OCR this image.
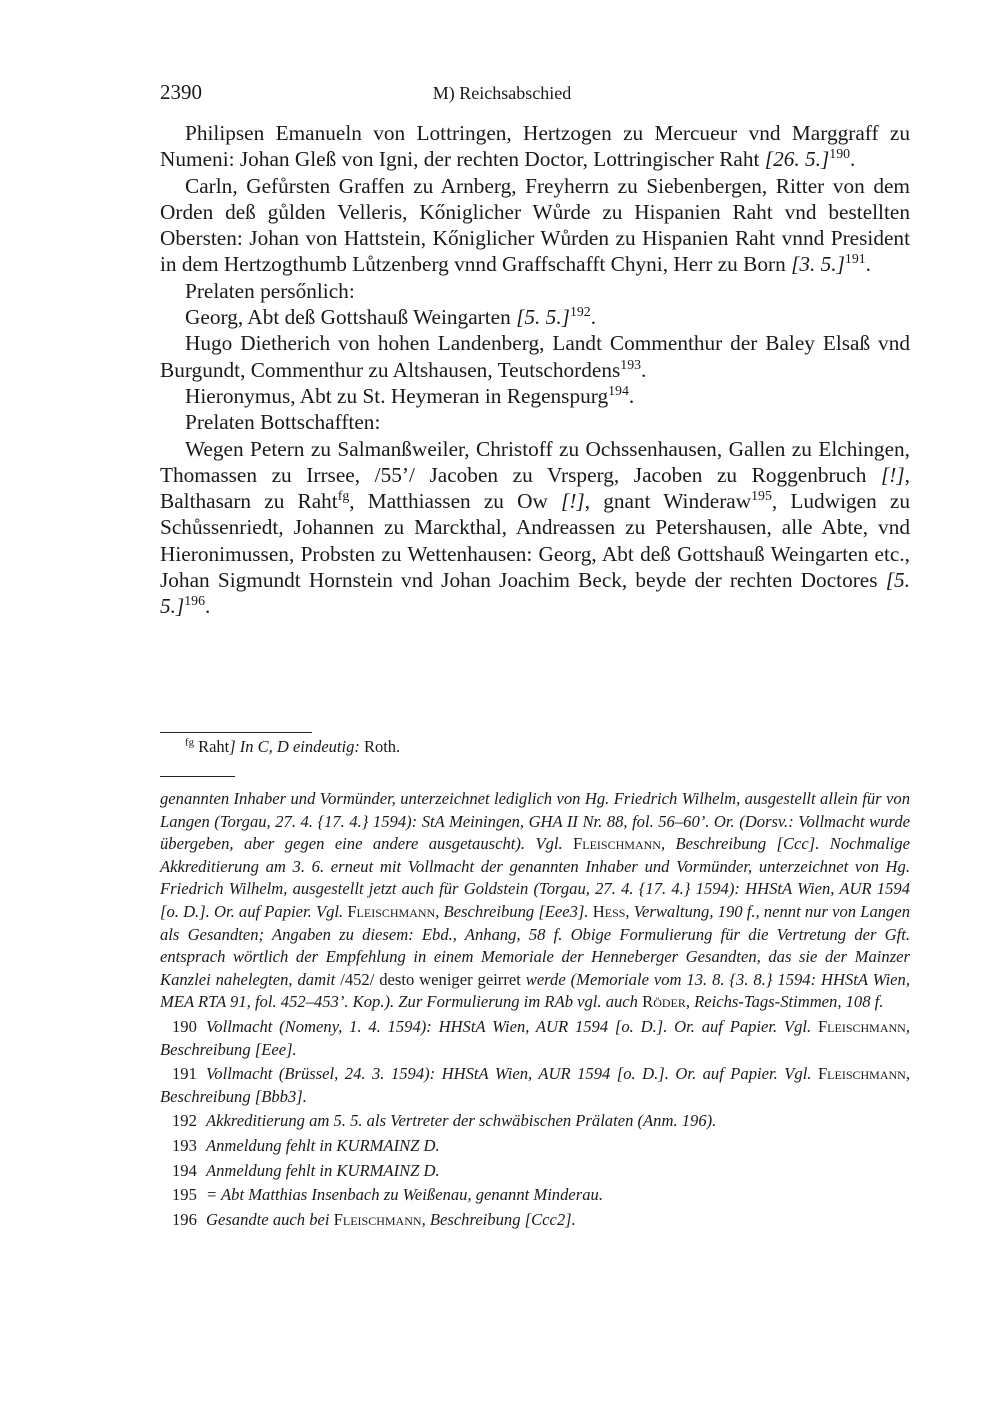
2390	M) Reichsabschied

Philipsen Emanueln von Lottringen, Hertzogen zu Mercueur vnd Marggraff zu Numeni: Johan Gleß von Igni, der rechten Doctor, Lottringischer Raht [26. 5.]$^{190}$.

Carln, Gefůrsten Graffen zu Arnberg, Freyherrn zu Siebenbergen, Ritter von dem Orden deß gůlden Velleris, Kőniglicher Wůrde zu Hispanien Raht vnd bestellten Obersten: Johan von Hattstein, Kőniglicher Wůrden zu Hispanien Raht vnnd President in dem Hertzogthumb Lůtzenberg vnnd Graffschafft Chyni, Herr zu Born [3. 5.]$^{191}$.

Prelaten persőnlich:

Georg, Abt deß Gottshauß Weingarten [5. 5.]$^{192}$.

Hugo Dietherich von hohen Landenberg, Landt Commenthur der Baley Elsaß vnd Burgundt, Commenthur zu Altshausen, Teutschordens$^{193}$.

Hieronymus, Abt zu St. Heymeran in Regenspurg$^{194}$.

Prelaten Bottschafften:

Wegen Petern zu Salmanßweiler, Christoff zu Ochssenhausen, Gallen zu Elchingen, Thomassen zu Irrsee, /55’/ Jacoben zu Vrsperg, Jacoben zu Roggenbruch [!], Balthasarn zu Raht$^{fg}$, Matthiassen zu Ow [!], gnant Winderaw$^{195}$, Ludwigen zu Schůssenriedt, Johannen zu Marckthal, Andreassen zu Petershausen, alle Abte, vnd Hieronimussen, Probsten zu Wettenhausen: Georg, Abt deß Gottshauß Weingarten etc., Johan Sigmundt Hornstein vnd Johan Joachim Beck, beyde der rechten Doctores [5. 5.]$^{196}$.

$^{fg}$ Raht] In C, D eindeutig: Roth.

genannten Inhaber und Vormünder, unterzeichnet lediglich von Hg. Friedrich Wilhelm, ausgestellt allein für von Langen (Torgau, 27. 4. {17. 4.} 1594): StA Meiningen, GHA II Nr. 88, fol. 56–60’. Or. (Dorsv.: Vollmacht wurde übergeben, aber gegen eine andere ausgetauscht). Vgl. Fleischmann, Beschreibung [Ccc]. Nochmalige Akkreditierung am 3. 6. erneut mit Vollmacht der genannten Inhaber und Vormünder, unterzeichnet von Hg. Friedrich Wilhelm, ausgestellt jetzt auch für Goldstein (Torgau, 27. 4. {17. 4.} 1594): HHStA Wien, AUR 1594 [o. D.]. Or. auf Papier. Vgl. Fleischmann, Beschreibung [Eee3]. Hess, Verwaltung, 190 f., nennt nur von Langen als Gesandten; Angaben zu diesem: Ebd., Anhang, 58 f. Obige Formulierung für die Vertretung der Gft. entsprach wörtlich der Empfehlung in einem Memoriale der Henneberger Gesandten, das sie der Mainzer Kanzlei nahelegten, damit /452/ desto weniger geirret werde (Memoriale vom 13. 8. {3. 8.} 1594: HHStA Wien, MEA RTA 91, fol. 452–453’. Kop.). Zur Formulierung im RAb vgl. auch Röder, Reichs-Tags-Stimmen, 108 f.

190 Vollmacht (Nomeny, 1. 4. 1594): HHStA Wien, AUR 1594 [o. D.]. Or. auf Papier. Vgl. Fleischmann, Beschreibung [Eee].

191 Vollmacht (Brüssel, 24. 3. 1594): HHStA Wien, AUR 1594 [o. D.]. Or. auf Papier. Vgl. Fleischmann, Beschreibung [Bbb3].

192 Akkreditierung am 5. 5. als Vertreter der schwäbischen Prälaten (Anm. 196).

193 Anmeldung fehlt in KURMAINZ D.

194 Anmeldung fehlt in KURMAINZ D.

195 = Abt Matthias Insenbach zu Weißenau, genannt Minderau.

196 Gesandte auch bei Fleischmann, Beschreibung [Ccc2].
